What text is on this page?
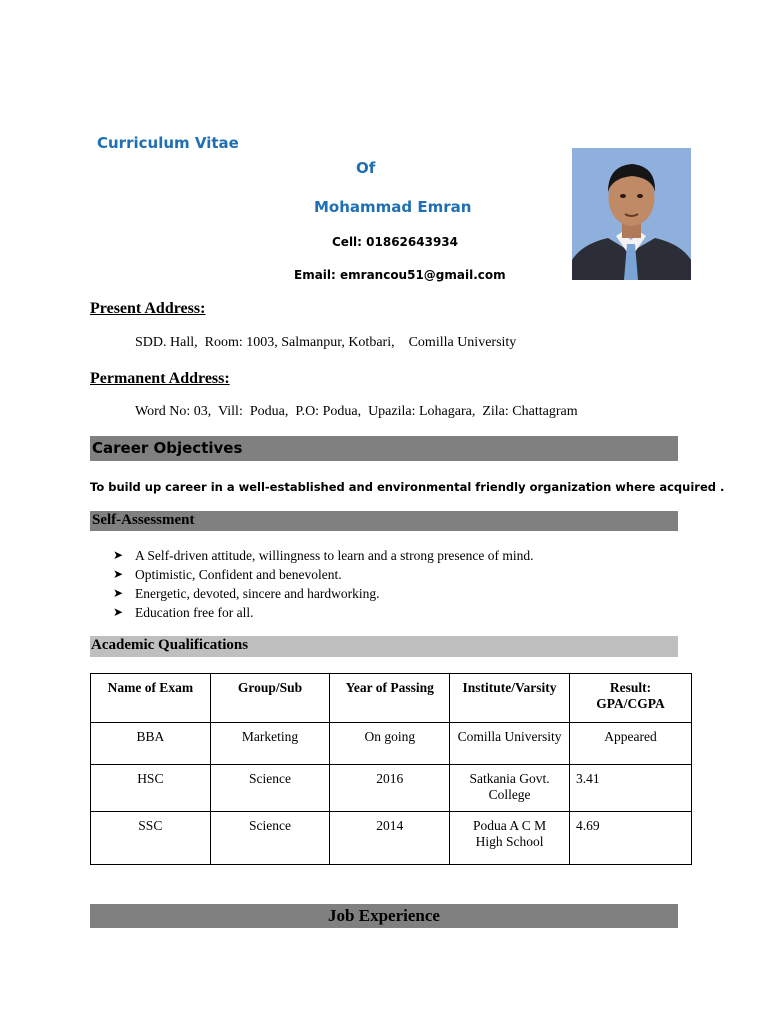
Curriculum Vitae
Of
Mohammad Emran
Cell: 01862643934
Email: emrancou51@gmail.com
Present Address:
SDD. Hall,  Room: 1003, Salmanpur, Kotbari,    Comilla University
Permanent Address:
Word No: 03,  Vill:  Podua,  P.O: Podua,  Upazila: Lohagara,  Zila: Chattagram
Career Objectives
To build up career in a well-established and environmental friendly organization where acquired .
Self-Assessment
➤ A Self-driven attitude, willingness to learn and a strong presence of mind.
➤ Optimistic, Confident and benevolent.
➤ Energetic, devoted, sincere and hardworking.
➤ Education free for all.
Academic Qualifications
Name of Exam	Group/Sub	Year of Passing	Institute/Varsity	Result: GPA/CGPA
BBA	Marketing	On going	Comilla University	Appeared
HSC	Science	2016	Satkania Govt. College	3.41
SSC	Science	2014	Podua A C M High School	4.69
Job Experience
